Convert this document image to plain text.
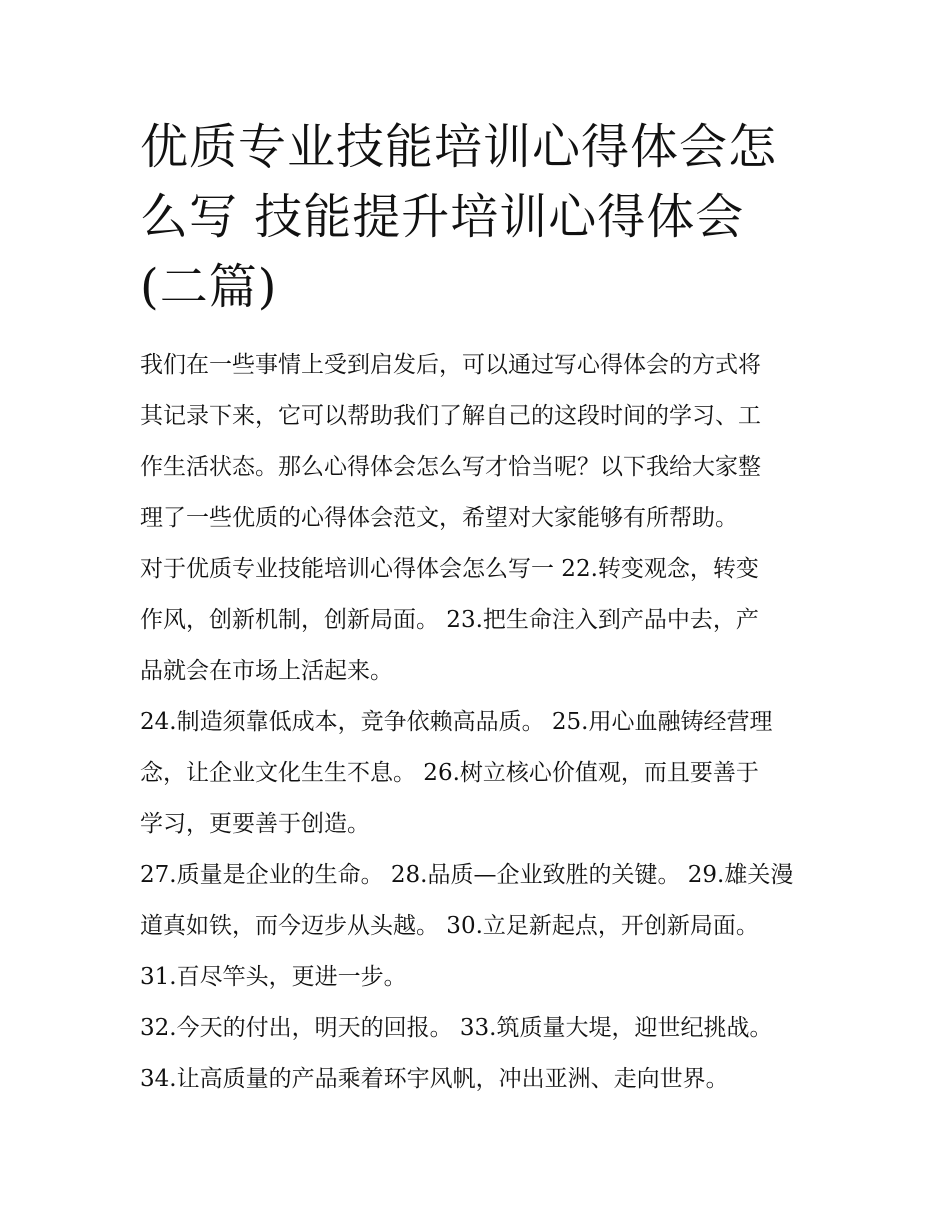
优质专业技能培训心得体会怎
么写 技能提升培训心得体会
(二篇)

我们在一些事情上受到启发后，可以通过写心得体会的方式将
其记录下来，它可以帮助我们了解自己的这段时间的学习、工
作生活状态。那么心得体会怎么写才恰当呢？以下我给大家整
理了一些优质的心得体会范文，希望对大家能够有所帮助。

对于优质专业技能培训心得体会怎么写一 22.转变观念，转变
作风，创新机制，创新局面。 23.把生命注入到产品中去，产
品就会在市场上活起来。

24.制造须靠低成本，竞争依赖高品质。 25.用心血融铸经营理
念，让企业文化生生不息。 26.树立核心价值观，而且要善于
学习，更要善于创造。

27.质量是企业的生命。 28.品质—企业致胜的关键。 29.雄关漫
道真如铁，而今迈步从头越。 30.立足新起点，开创新局面。
31.百尽竿头，更进一步。

32.今天的付出，明天的回报。 33.筑质量大堤，迎世纪挑战。
34.让高质量的产品乘着环宇风帆，冲出亚洲、走向世界。
